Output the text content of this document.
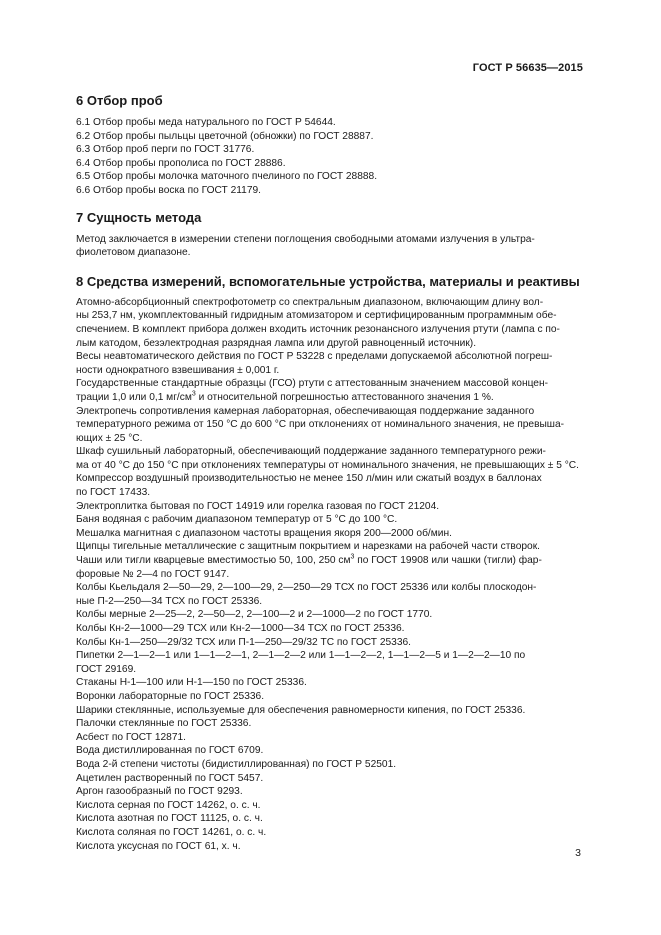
ГОСТ Р 56635—2015
6 Отбор проб
6.1 Отбор пробы меда натурального по ГОСТ Р 54644.
6.2 Отбор пробы пыльцы цветочной (обножки) по ГОСТ 28887.
6.3 Отбор проб перги по ГОСТ 31776.
6.4 Отбор пробы прополиса по ГОСТ 28886.
6.5 Отбор пробы молочка маточного пчелиного по ГОСТ 28888.
6.6 Отбор пробы воска по ГОСТ 21179.
7 Сущность метода
Метод заключается в измерении степени поглощения свободными атомами излучения в ультра-
фиолетовом диапазоне.
8 Средства измерений, вспомогательные устройства, материалы и реактивы
Атомно-абсорбционный спектрофотометр со спектральным диапазоном, включающим длину вол-
ны 253,7 нм, укомплектованный гидридным атомизатором и сертифицированным программным обе-
спечением. В комплект прибора должен входить источник резонансного излучения ртути (лампа с по-
лым катодом, безэлектродная разрядная лампа или другой равноценный источник).
Весы неавтоматического действия по ГОСТ Р 53228 с пределами допускаемой абсолютной погреш-
ности однократного взвешивания ± 0,001 г.
Государственные стандартные образцы (ГСО) ртути с аттестованным значением массовой концен-
трации 1,0 или 0,1 $мг/см^3$ и относительной погрешностью аттестованного значения 1 %.
Электропечь сопротивления камерная лабораторная, обеспечивающая поддержание заданного
температурного режима от 150 °С до 600 °С при отклонениях от номинального значения, не превыша-
ющих ± 25 °С.
Шкаф сушильный лабораторный, обеспечивающий поддержание заданного температурного режи-
ма от 40 °С до 150 °С при отклонениях температуры от номинального значения, не превышающих ± 5 °С.
Компрессор воздушный производительностью не менее 150 л/мин или сжатый воздух в баллонах
по ГОСТ 17433.
Электроплитка бытовая по ГОСТ 14919 или горелка газовая по ГОСТ 21204.
Баня водяная с рабочим диапазоном температур от 5 °С до 100 °С.
Мешалка магнитная с диапазоном частоты вращения якоря 200—2000 об/мин.
Щипцы тигельные металлические с защитным покрытием и нарезками на рабочей части створок.
Чаши или тигли кварцевые вместимостью 50, 100, 250 $см^3$ по ГОСТ 19908 или чашки (тигли) фар-
форовые № 2—4 по ГОСТ 9147.
Колбы Кьельдаля 2—50—29, 2—100—29, 2—250—29 ТСХ по ГОСТ 25336 или колбы плоскодон-
ные П-2—250—34 ТСХ по ГОСТ 25336.
Колбы мерные 2—25—2, 2—50—2, 2—100—2 и 2—1000—2 по ГОСТ 1770.
Колбы Кн-2—1000—29 ТСХ или Кн-2—1000—34 ТСХ по ГОСТ 25336.
Колбы Кн-1—250—29/32 ТСХ или П-1—250—29/32 ТС по ГОСТ 25336.
Пипетки 2—1—2—1 или 1—1—2—1, 2—1—2—2 или 1—1—2—2, 1—1—2—5 и 1—2—2—10 по
ГОСТ 29169.
Стаканы Н-1—100 или Н-1—150 по ГОСТ 25336.
Воронки лабораторные по ГОСТ 25336.
Шарики стеклянные, используемые для обеспечения равномерности кипения, по ГОСТ 25336.
Палочки стеклянные по ГОСТ 25336.
Асбест по ГОСТ 12871.
Вода дистиллированная по ГОСТ 6709.
Вода 2-й степени чистоты (бидистиллированная) по ГОСТ Р 52501.
Ацетилен растворенный по ГОСТ 5457.
Аргон газообразный по ГОСТ 9293.
Кислота серная по ГОСТ 14262, о. с. ч.
Кислота азотная по ГОСТ 11125, о. с. ч.
Кислота соляная по ГОСТ 14261, о. с. ч.
Кислота уксусная по ГОСТ 61, х. ч.
3
